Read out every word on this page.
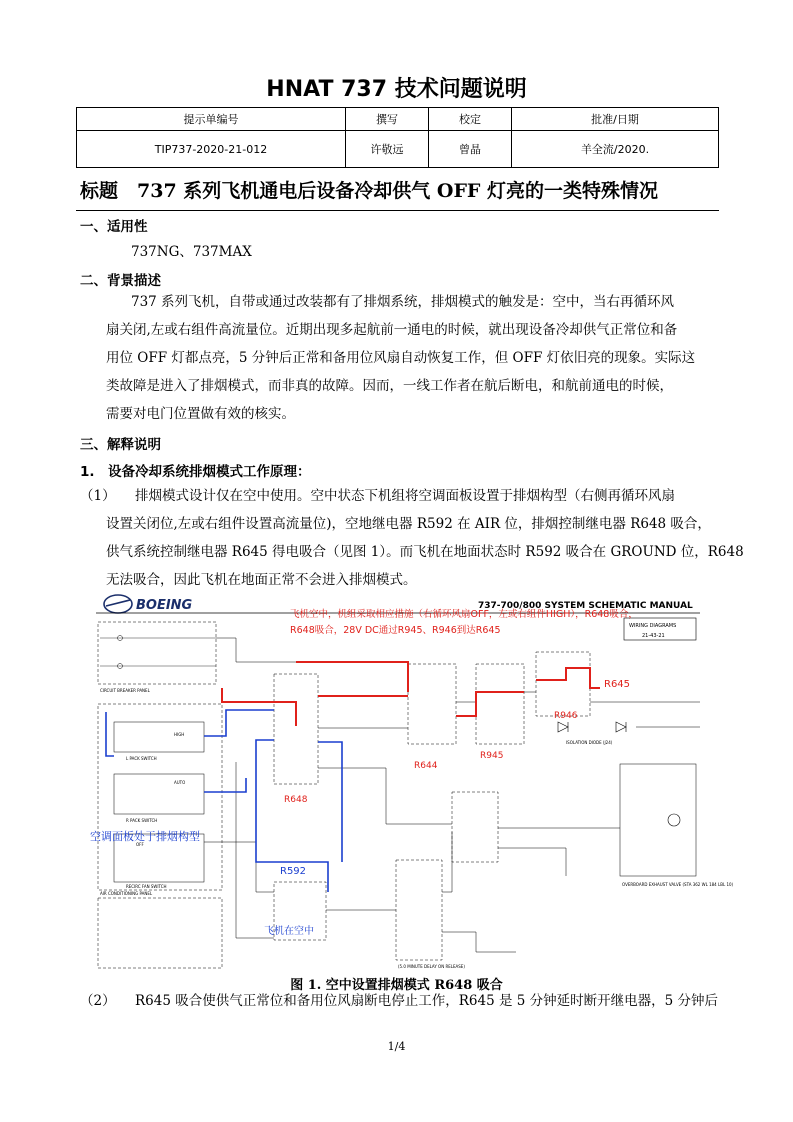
HNAT 737 技术问题说明
提示单编号	撰写	校定	批准/日期
TIP737-2020-21-012	许敬远	曾晶	羊全流/2020.
标题　737 系列飞机通电后设备冷却供气 OFF 灯亮的一类特殊情况
一、适用性
737NG、737MAX
二、背景描述
737 系列飞机，自带或通过改装都有了排烟系统，排烟模式的触发是：空中，当右再循环风
扇关闭,左或右组件高流量位。近期出现多起航前一通电的时候，就出现设备冷却供气正常位和备
用位 OFF 灯都点亮，5 分钟后正常和备用位风扇自动恢复工作，但 OFF 灯依旧亮的现象。实际这
类故障是进入了排烟模式，而非真的故障。因而，一线工作者在航后断电，和航前通电的时候，
需要对电门位置做有效的核实。
三、解释说明
1.　设备冷却系统排烟模式工作原理：
（1） 排烟模式设计仅在空中使用。空中状态下机组将空调面板设置于排烟构型（右侧再循环风扇
设置关闭位,左或右组件设置高流量位)，空地继电器 R592 在 AIR 位，排烟控制继电器 R648 吸合，
供气系统控制继电器 R645 得电吸合（见图 1）。而飞机在地面状态时 R592 吸合在 GROUND 位，R648
无法吸合，因此飞机在地面正常不会进入排烟模式。
BOEING	737-700/800 SYSTEM SCHEMATIC MANUAL
WIRING DIAGRAMS
21-43-21
飞机空中，机组采取相应措施（右循环风扇OFF，左或右组件HIGH），R648吸合，
R648吸合，28V DC通过R945、R946到达R645
CIRCUIT BREAKER PANEL
AIR CONDITIONING PANEL
L PACK SWITCH
R PACK SWITCH
RECIRC FAN SWITCH
HIGH
AUTO
OFF
空调面板处于排烟构型
R648
R644
R945
R645
R946
ISOLATION DIODE (J24)
OVERBOARD EXHAUST VALVE (STA 362 WL 184 LBL 10)
R592
飞机在空中
(5.0 MINUTE DELAY ON RELEASE)
图 1. 空中设置排烟模式 R648 吸合
（2） R645 吸合使供气正常位和备用位风扇断电停止工作，R645 是 5 分钟延时断开继电器，5 分钟后
1/4
